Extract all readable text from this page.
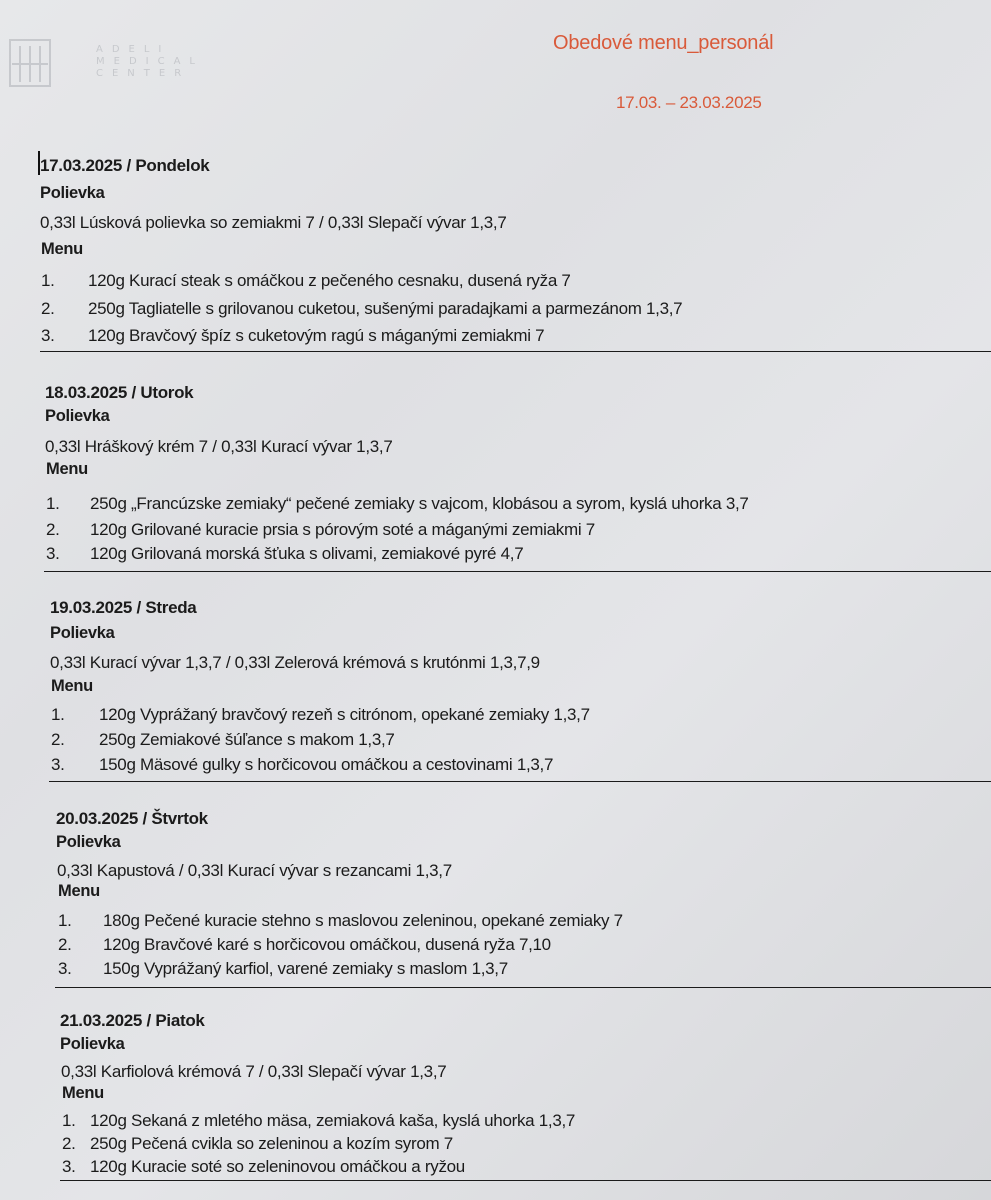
ADELI
MEDICAL
CENTER
Obedové menu_personál
17.03. – 23.03.2025
17.03.2025 / Pondelok
Polievka
0,33l Lúsková polievka so zemiakmi 7 / 0,33l Slepačí vývar 1,3,7
Menu
1. 120g Kurací steak s omáčkou z pečeného cesnaku, dusená ryža 7
2. 250g Tagliatelle s grilovanou cuketou, sušenými paradajkami a parmezánom 1,3,7
3. 120g Bravčový špíz s cuketovým ragú s máganými zemiakmi 7
18.03.2025 / Utorok
Polievka
0,33l Hráškový krém 7 / 0,33l Kurací vývar 1,3,7
Menu
1. 250g „Francúzske zemiaky“ pečené zemiaky s vajcom, klobásou a syrom, kyslá uhorka 3,7
2. 120g Grilované kuracie prsia s pórovým soté a máganými zemiakmi 7
3. 120g Grilovaná morská šťuka s olivami, zemiakové pyré 4,7
19.03.2025 / Streda
Polievka
0,33l Kurací vývar 1,3,7 / 0,33l Zelerová krémová s krutónmi 1,3,7,9
Menu
1. 120g Vyprážaný bravčový rezeň s citrónom, opekané zemiaky 1,3,7
2. 250g Zemiakové šúľance s makom 1,3,7
3. 150g Mäsové gulky s horčicovou omáčkou a cestovinami 1,3,7
20.03.2025 / Štvrtok
Polievka
0,33l Kapustová / 0,33l Kurací vývar s rezancami 1,3,7
Menu
1. 180g Pečené kuracie stehno s maslovou zeleninou, opekané zemiaky 7
2. 120g Bravčové karé s horčicovou omáčkou, dusená ryža 7,10
3. 150g Vyprážaný karfiol, varené zemiaky s maslom 1,3,7
21.03.2025 / Piatok
Polievka
0,33l Karfiolová krémová 7 / 0,33l Slepačí vývar 1,3,7
Menu
1. 120g Sekaná z mletého mäsa, zemiaková kaša, kyslá uhorka 1,3,7
2. 250g Pečená cvikla so zeleninou a kozím syrom 7
3. 120g Kuracie soté so zeleninovou omáčkou a ryžou
